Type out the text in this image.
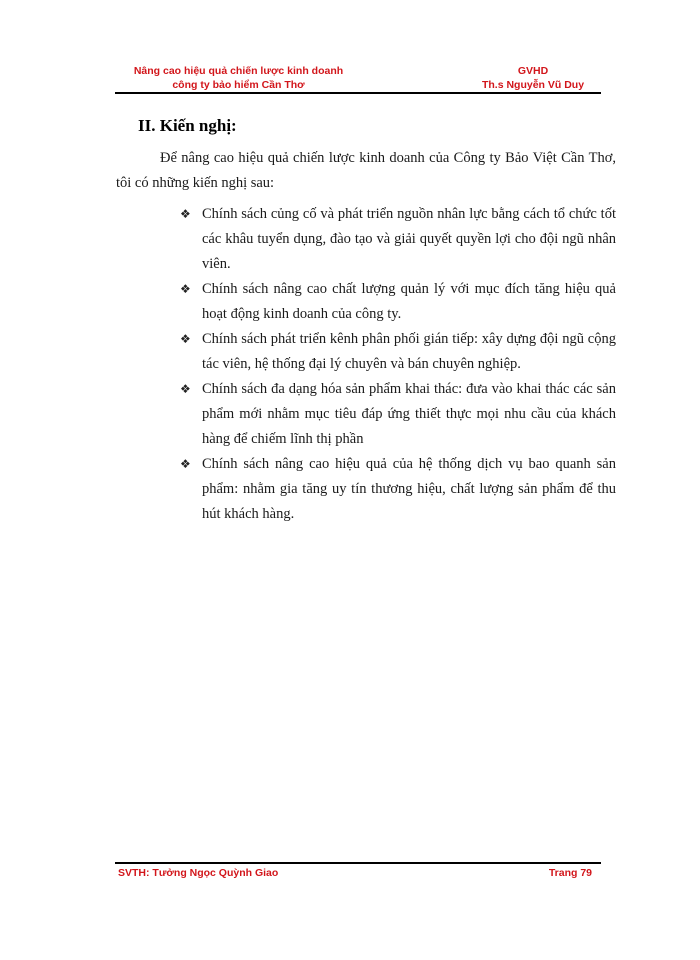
Nâng cao hiệu quả chiến lược kinh doanh
công ty bảo hiểm Cần Thơ
GVHD
Th.s Nguyễn Vũ Duy
II. Kiến nghị:

Để nâng cao hiệu quả chiến lược kinh doanh của Công ty Bảo Việt Cần Thơ, tôi có những kiến nghị sau:

❖ Chính sách củng cố và phát triển nguồn nhân lực bằng cách tổ chức tốt các khâu tuyển dụng, đào tạo và giải quyết quyền lợi cho đội ngũ nhân viên.
❖ Chính sách nâng cao chất lượng quản lý với mục đích tăng hiệu quả hoạt động kinh doanh của công ty.
❖ Chính sách phát triển kênh phân phối gián tiếp: xây dựng đội ngũ cộng tác viên, hệ thống đại lý chuyên và bán chuyên nghiệp.
❖ Chính sách đa dạng hóa sản phẩm khai thác: đưa vào khai thác các sản phẩm mới nhằm mục tiêu đáp ứng thiết thực mọi nhu cầu của khách hàng để chiếm lĩnh thị phần
❖ Chính sách nâng cao hiệu quả của hệ thống dịch vụ bao quanh sản phẩm: nhằm gia tăng uy tín thương hiệu, chất lượng sản phẩm để thu hút khách hàng.
SVTH: Tưởng Ngọc Quỳnh Giao	Trang 79
